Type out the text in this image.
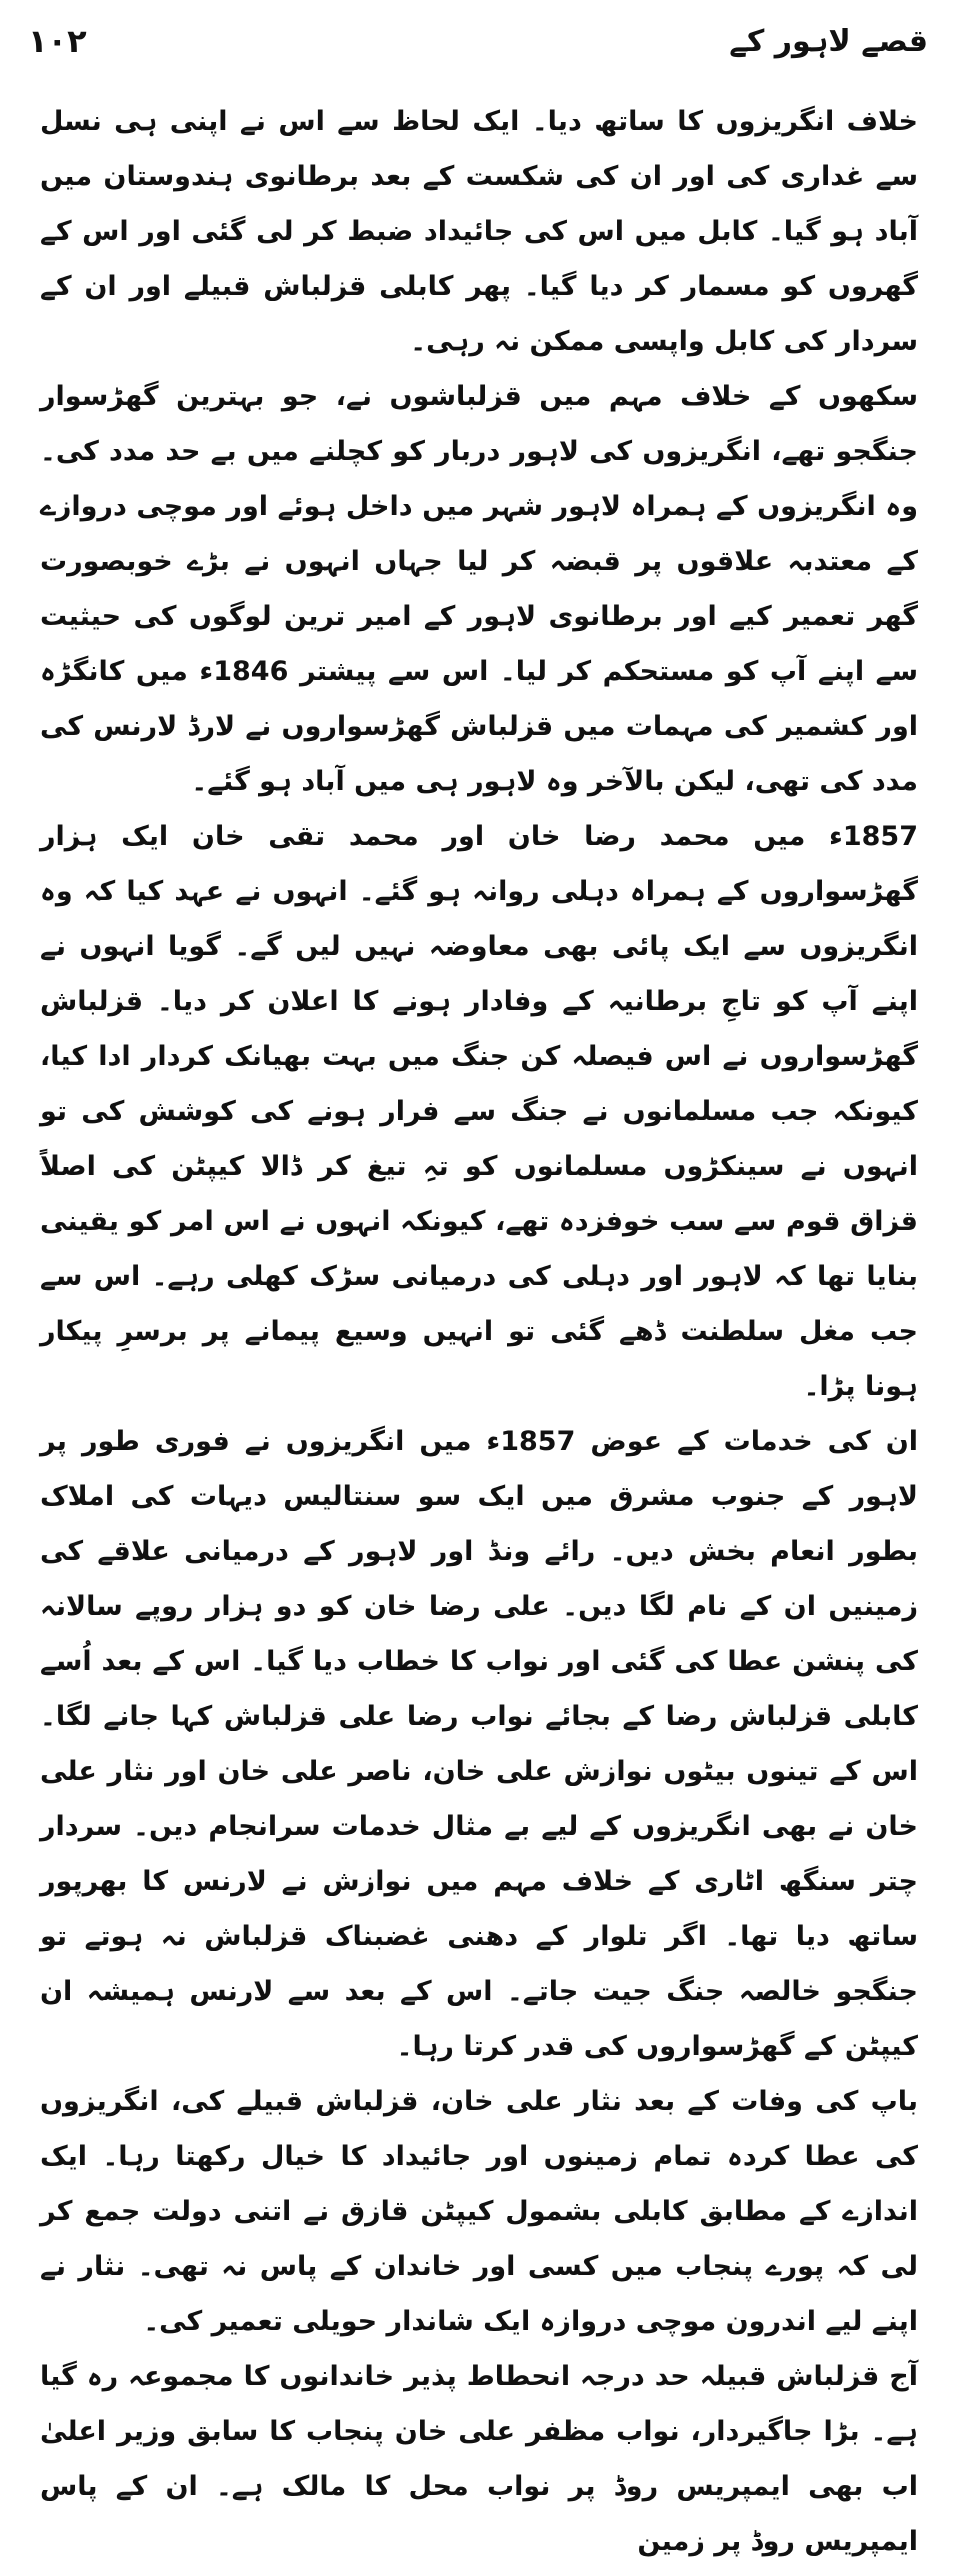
۱۰۲	قصے لاہور کے

خلاف انگریزوں کا ساتھ دیا۔ ایک لحاظ سے اس نے اپنی ہی نسل سے غداری کی اور ان کی شکست کے بعد برطانوی ہندوستان میں آباد ہو گیا۔ کابل میں اس کی جائیداد ضبط کر لی گئی اور اس کے گھروں کو مسمار کر دیا گیا۔ پھر کابلی قزلباش قبیلے اور ان کے سردار کی کابل واپسی ممکن نہ رہی۔

سکھوں کے خلاف مہم میں قزلباشوں نے، جو بہترین گھڑسوار جنگجو تھے، انگریزوں کی لاہور دربار کو کچلنے میں بے حد مدد کی۔ وہ انگریزوں کے ہمراہ لاہور شہر میں داخل ہوئے اور موچی دروازے کے معتدبہ علاقوں پر قبضہ کر لیا جہاں انہوں نے بڑے خوبصورت گھر تعمیر کیے اور برطانوی لاہور کے امیر ترین لوگوں کی حیثیت سے اپنے آپ کو مستحکم کر لیا۔ اس سے پیشتر 1846ء میں کانگڑہ اور کشمیر کی مہمات میں قزلباش گھڑسواروں نے لارڈ لارنس کی مدد کی تھی، لیکن بالآخر وہ لاہور ہی میں آباد ہو گئے۔

1857ء میں محمد رضا خان اور محمد تقی خان ایک ہزار گھڑسواروں کے ہمراہ دہلی روانہ ہو گئے۔ انہوں نے عہد کیا کہ وہ انگریزوں سے ایک پائی بھی معاوضہ نہیں لیں گے۔ گویا انہوں نے اپنے آپ کو تاجِ برطانیہ کے وفادار ہونے کا اعلان کر دیا۔ قزلباش گھڑسواروں نے اس فیصلہ کن جنگ میں بہت بھیانک کردار ادا کیا، کیونکہ جب مسلمانوں نے جنگ سے فرار ہونے کی کوشش کی تو انہوں نے سینکڑوں مسلمانوں کو تہِ تیغ کر ڈالا کیپٹن کی اصلاً قزاق قوم سے سب خوفزدہ تھے، کیونکہ انہوں نے اس امر کو یقینی بنایا تھا کہ لاہور اور دہلی کی درمیانی سڑک کھلی رہے۔ اس سے جب مغل سلطنت ڈھے گئی تو انہیں وسیع پیمانے پر برسرِ پیکار ہونا پڑا۔

ان کی خدمات کے عوض 1857ء میں انگریزوں نے فوری طور پر لاہور کے جنوب مشرق میں ایک سو سنتالیس دیہات کی املاک بطور انعام بخش دیں۔ رائے ونڈ اور لاہور کے درمیانی علاقے کی زمینیں ان کے نام لگا دیں۔ علی رضا خان کو دو ہزار روپے سالانہ کی پنشن عطا کی گئی اور نواب کا خطاب دیا گیا۔ اس کے بعد اُسے کابلی قزلباش رضا کے بجائے نواب رضا علی قزلباش کہا جانے لگا۔ اس کے تینوں بیٹوں نوازش علی خان، ناصر علی خان اور نثار علی خان نے بھی انگریزوں کے لیے بے مثال خدمات سرانجام دیں۔ سردار چتر سنگھ اٹاری کے خلاف مہم میں نوازش نے لارنس کا بھرپور ساتھ دیا تھا۔ اگر تلوار کے دھنی غضبناک قزلباش نہ ہوتے تو جنگجو خالصہ جنگ جیت جاتے۔ اس کے بعد سے لارنس ہمیشہ ان کیپٹن کے گھڑسواروں کی قدر کرتا رہا۔

باپ کی وفات کے بعد نثار علی خان، قزلباش قبیلے کی، انگریزوں کی عطا کردہ تمام زمینوں اور جائیداد کا خیال رکھتا رہا۔ ایک اندازے کے مطابق کابلی بشمول کیپٹن قازق نے اتنی دولت جمع کر لی کہ پورے پنجاب میں کسی اور خاندان کے پاس نہ تھی۔ نثار نے اپنے لیے اندرون موچی دروازہ ایک شاندار حویلی تعمیر کی۔

آج قزلباش قبیلہ حد درجہ انحطاط پذیر خاندانوں کا مجموعہ رہ گیا ہے۔ بڑا جاگیردار، نواب مظفر علی خان پنجاب کا سابق وزیر اعلیٰ اب بھی ایمپریس روڈ پر نواب محل کا مالک ہے۔ ان کے پاس ایمپریس روڈ پر زمین
